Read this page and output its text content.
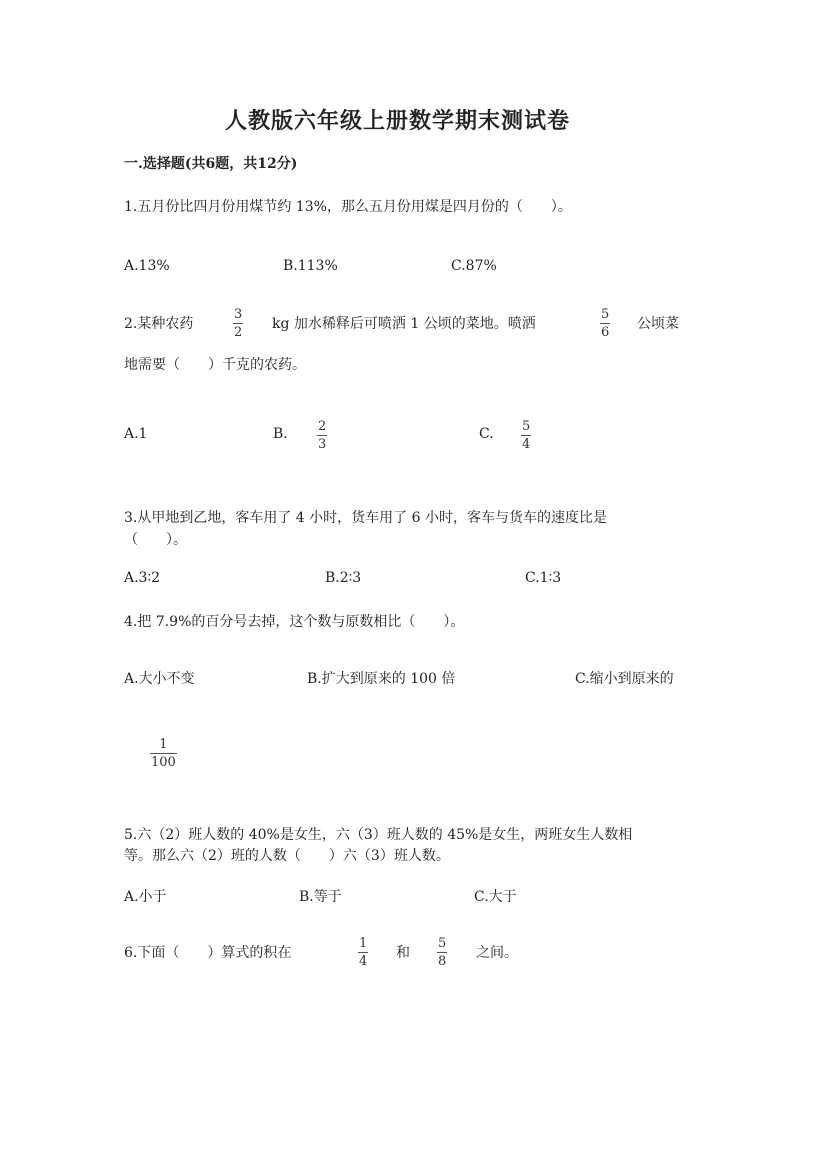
人教版六年级上册数学期末测试卷
一.选择题(共6题，共12分)
1.五月份比四月份用煤节约 13%，那么五月份用煤是四月份的（　　）。
A.13%	B.113%	C.87%
2.某种农药
3
2
kg 加水稀释后可喷洒 1 公顷的菜地。喷洒
5
6
公顷菜
地需要（　　）千克的农药。
A.1	B. 2
3
C. 5
4
3.从甲地到乙地，客车用了 4 小时，货车用了 6 小时，客车与货车的速度比是
（　　）。
A.3∶2	B.2∶3	C.1∶3
4.把 7.9%的百分号去掉，这个数与原数相比（　　）。
A.大小不变	B.扩大到原来的 100 倍	C.缩小到原来的
1
100
5.六（2）班人数的 40%是女生，六（3）班人数的 45%是女生，两班女生人数相
等。那么六（2）班的人数（　　）六（3）班人数。
A.小于	B.等于	C.大于
6.下面（　　）算式的积在
1
4
和
5
8
之间。
